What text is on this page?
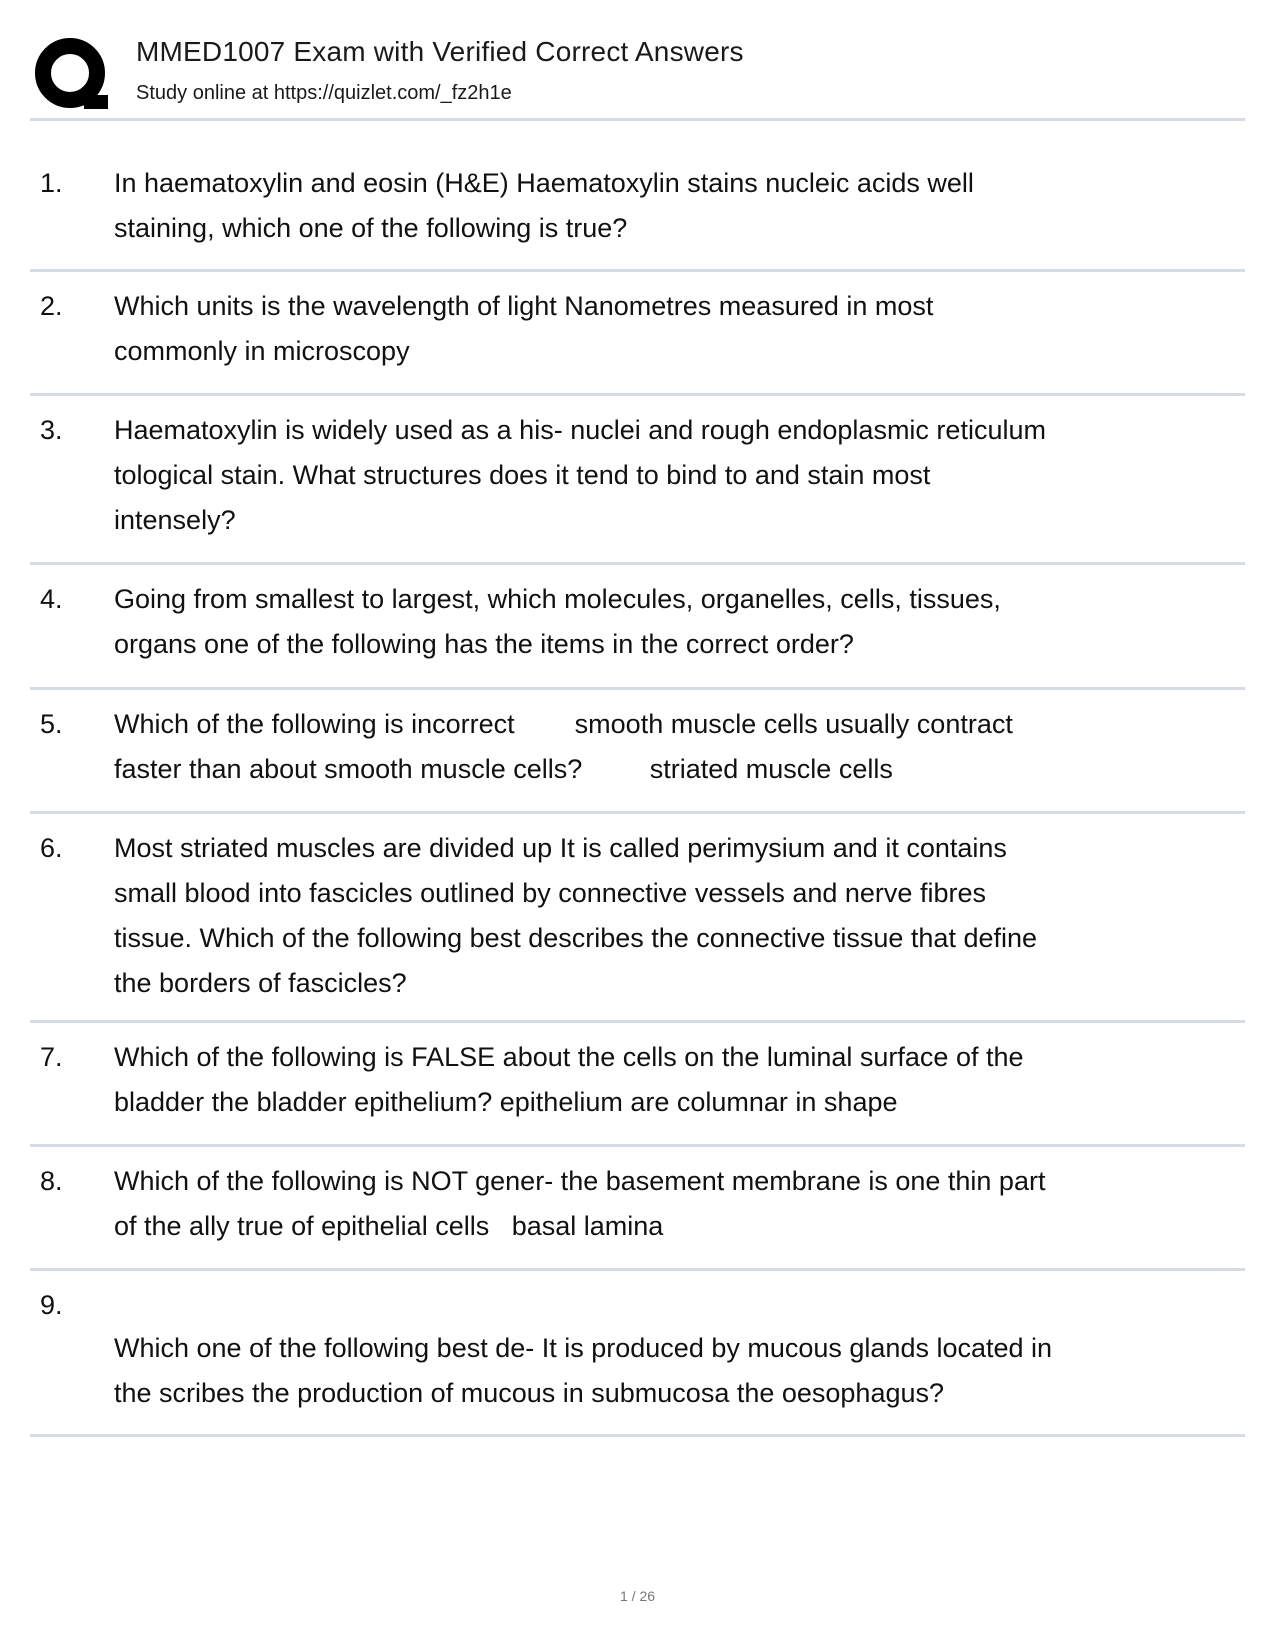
MMED1007 Exam with Verified Correct Answers
Study online at https://quizlet.com/_fz2h1e
1. In haematoxylin and eosin (H&E) Haematoxylin stains nucleic acids well
staining, which one of the following is true?
2. Which units is the wavelength of light Nanometres measured in most
commonly in microscopy
3. Haematoxylin is widely used as a his- nuclei and rough endoplasmic reticulum
tological stain. What structures does it tend to bind to and stain most
intensely?
4. Going from smallest to largest, which molecules, organelles, cells, tissues,
organs one of the following has the items in the correct order?
5. Which of the following is incorrect        smooth muscle cells usually contract
faster than about smooth muscle cells?         striated muscle cells
6. Most striated muscles are divided up It is called perimysium and it contains
small blood into fascicles outlined by connective vessels and nerve fibres
tissue. Which of the following best describes the connective tissue that define
the borders of fascicles?
7. Which of the following is FALSE about the cells on the luminal surface of the
bladder the bladder epithelium? epithelium are columnar in shape
8. Which of the following is NOT gener- the basement membrane is one thin part
of the ally true of epithelial cells   basal lamina
9.
Which one of the following best de- It is produced by mucous glands located in
the scribes the production of mucous in submucosa the oesophagus?
1 / 26
